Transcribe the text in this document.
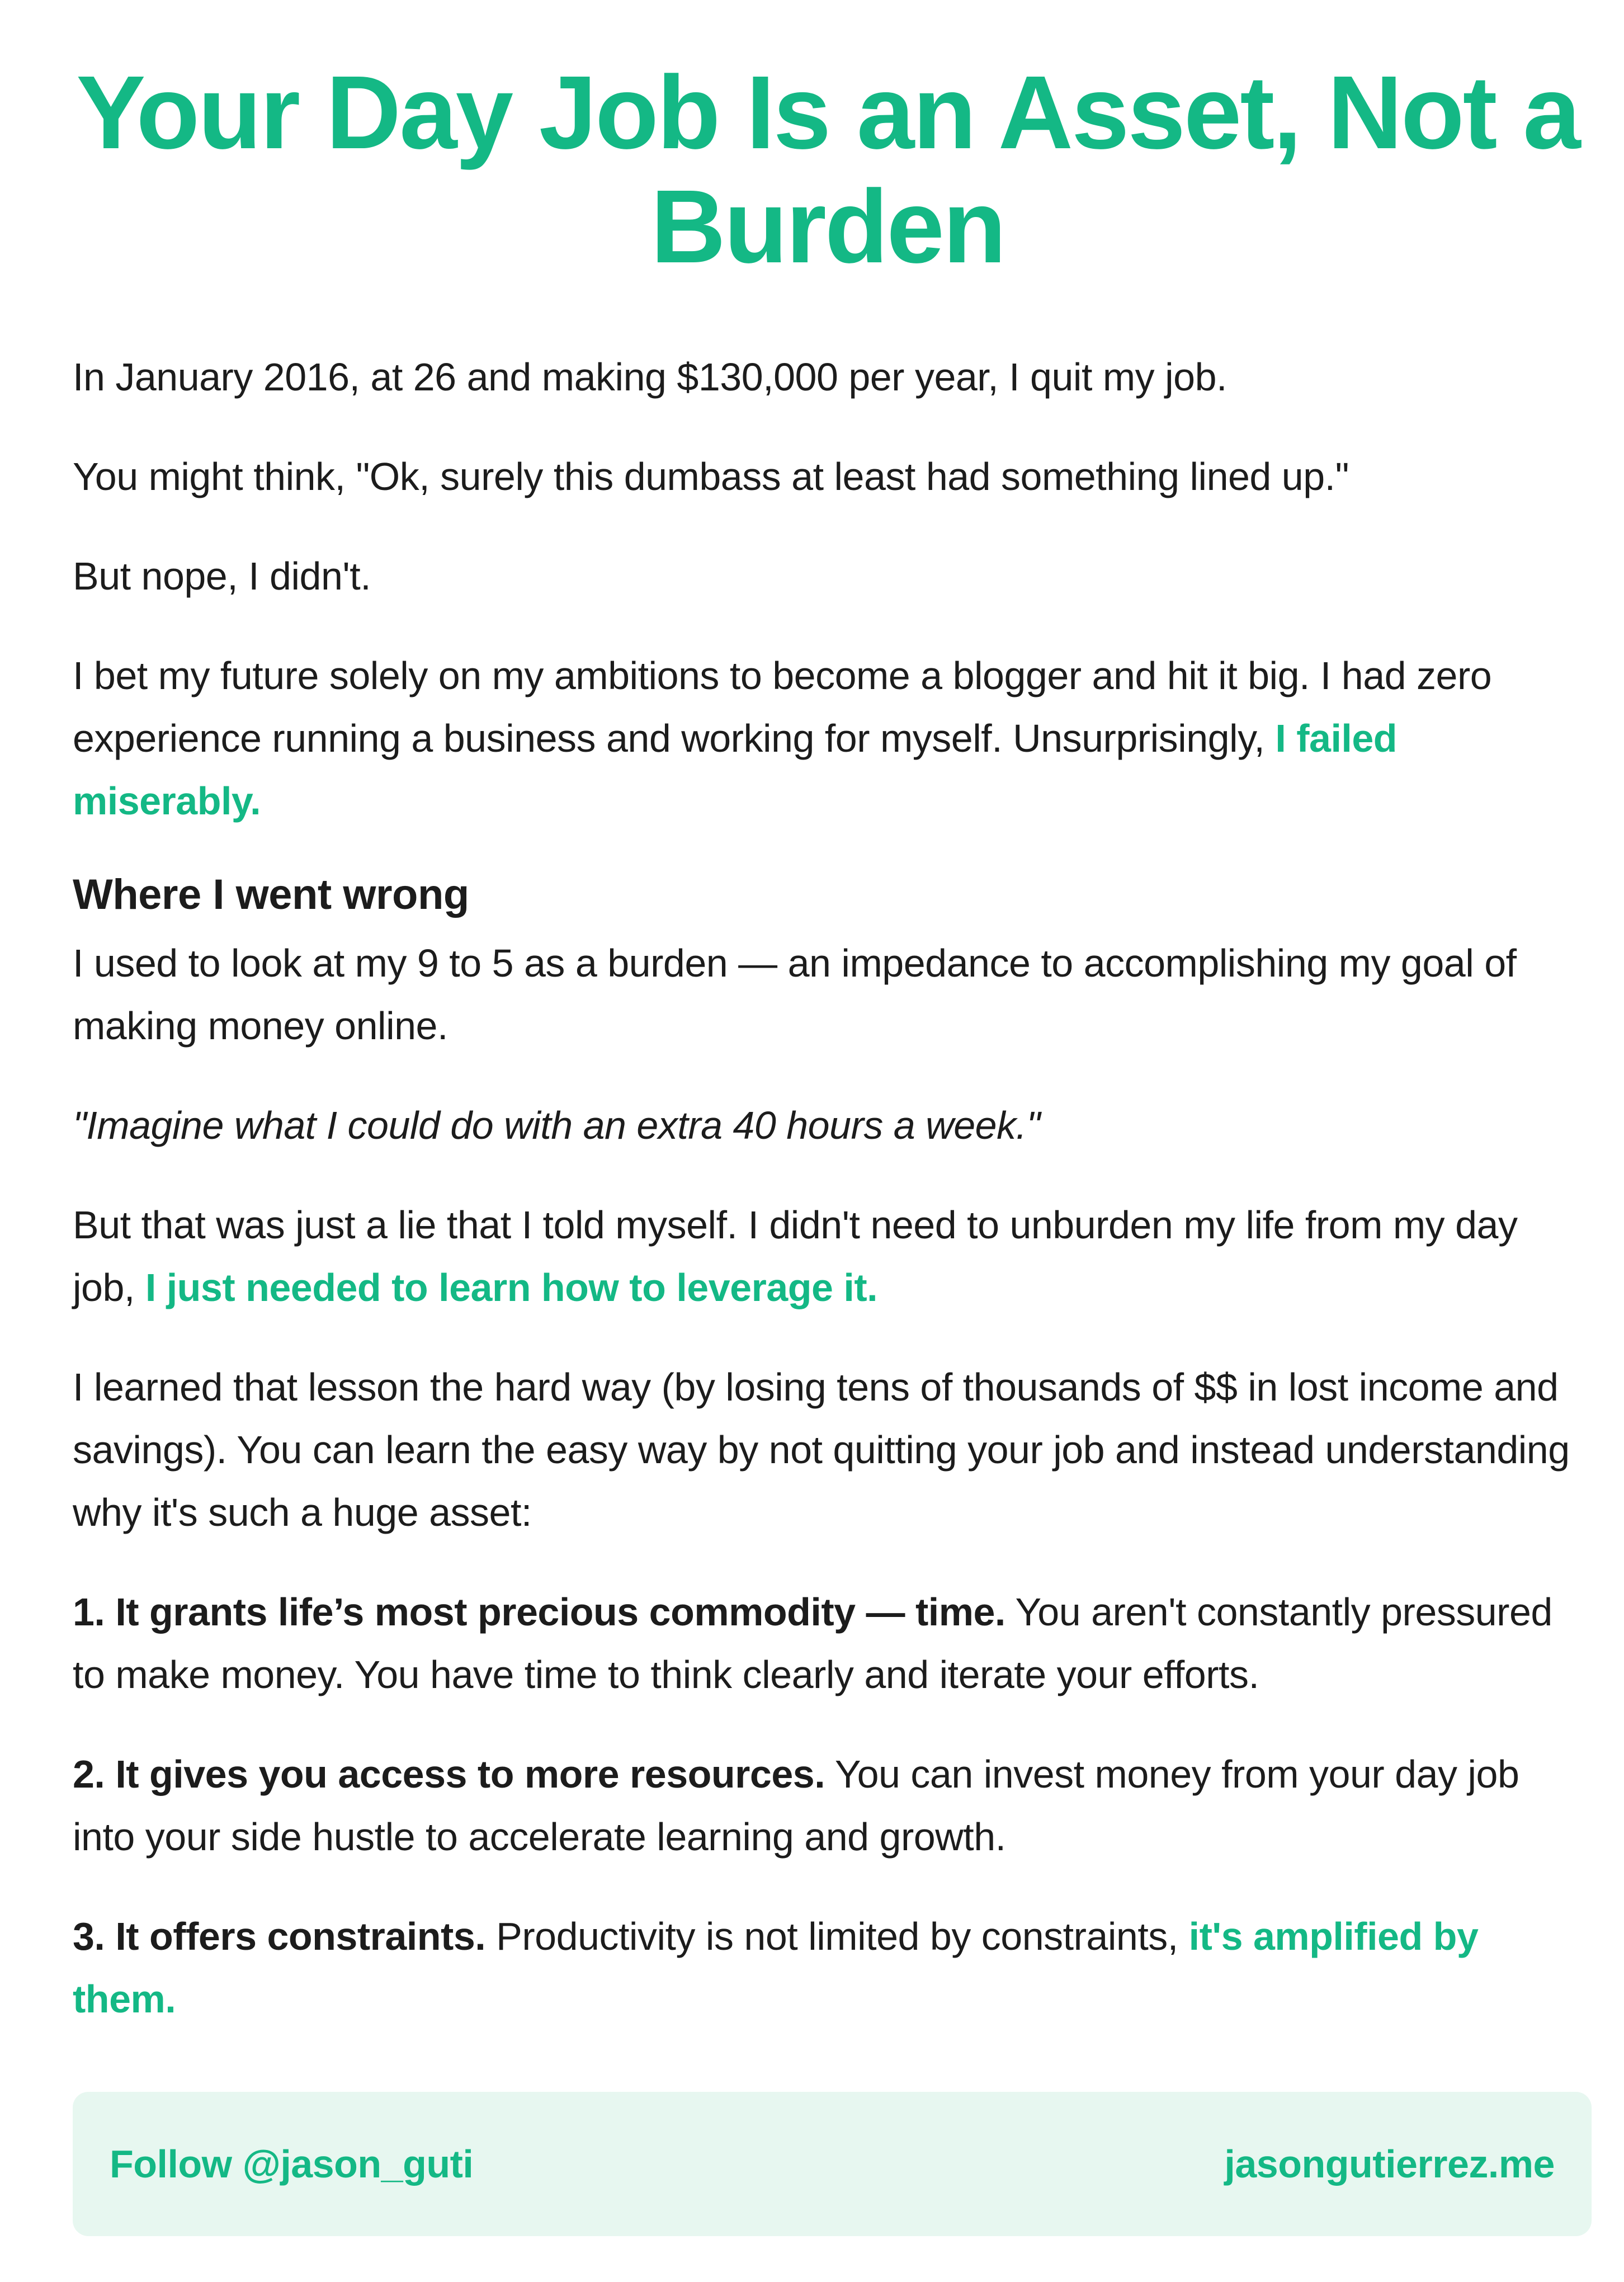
Your Day Job Is an Asset, Not a Burden

In January 2016, at 26 and making $130,000 per year, I quit my job.

You might think, "Ok, surely this dumbass at least had something lined up."

But nope, I didn't.

I bet my future solely on my ambitions to become a blogger and hit it big. I had zero experience running a business and working for myself. Unsurprisingly, I failed miserably.

Where I went wrong

I used to look at my 9 to 5 as a burden — an impedance to accomplishing my goal of making money online.

"Imagine what I could do with an extra 40 hours a week."

But that was just a lie that I told myself. I didn't need to unburden my life from my day job, I just needed to learn how to leverage it.

I learned that lesson the hard way (by losing tens of thousands of $$ in lost income and savings). You can learn the easy way by not quitting your job and instead understanding why it's such a huge asset:

1. It grants life’s most precious commodity — time. You aren't constantly pressured to make money. You have time to think clearly and iterate your efforts.

2. It gives you access to more resources. You can invest money from your day job into your side hustle to accelerate learning and growth.

3. It offers constraints. Productivity is not limited by constraints, it's amplified by them.

Follow @jason_guti	jasongutierrez.me
